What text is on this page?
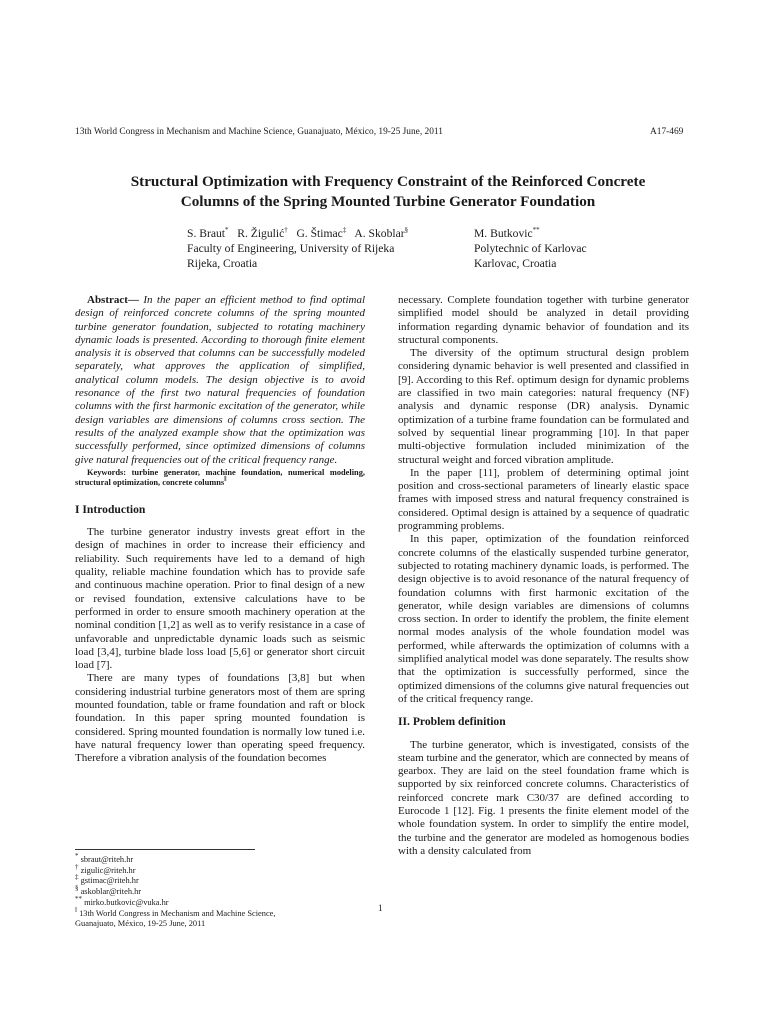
13th World Congress in Mechanism and Machine Science, Guanajuato, México, 19-25 June, 2011	A17-469
Structural Optimization with Frequency Constraint of the Reinforced Concrete
Columns of the Spring Mounted Turbine Generator Foundation
S. Braut* R. Žigulić† G. Štimac‡ A. Skoblar§
Faculty of Engineering, University of Rijeka
Rijeka, Croatia
M. Butkovic**
Polytechnic of Karlovac
Karlovac, Croatia

Abstract— In the paper an efficient method to find optimal design of reinforced concrete columns of the spring mounted turbine generator foundation, subjected to rotating machinery dynamic loads is presented. According to thorough finite element analysis it is observed that columns can be successfully modeled separately, what approves the application of simplified, analytical column models. The design objective is to avoid resonance of the first two natural frequencies of foundation columns with the first harmonic excitation of the generator, while design variables are dimensions of columns cross section. The results of the analyzed example show that the optimization was successfully performed, since optimized dimensions of columns give natural frequencies out of the critical frequency range.

Keywords: turbine generator, machine foundation, numerical modeling, structural optimization, concrete columns‖

I Introduction

The turbine generator industry invests great effort in the design of machines in order to increase their efficiency and reliability. Such requirements have led to a demand of high quality, reliable machine foundation which has to provide safe and continuous machine operation. Prior to final design of a new or revised foundation, extensive calculations have to be performed in order to ensure smooth machinery operation at the nominal condition [1,2] as well as to verify resistance in a case of unfavorable and unpredictable dynamic loads such as seismic load [3,4], turbine blade loss load [5,6] or generator short circuit load [7].

There are many types of foundations [3,8] but when considering industrial turbine generators most of them are spring mounted foundation, table or frame foundation and raft or block foundation. In this paper spring mounted foundation is considered. Spring mounted foundation is normally low tuned i.e. have natural frequency lower than operating speed frequency. Therefore a vibration analysis of the foundation becomes

necessary. Complete foundation together with turbine generator simplified model should be analyzed in detail providing information regarding dynamic behavior of foundation and its structural components.

The diversity of the optimum structural design problem considering dynamic behavior is well presented and classified in [9]. According to this Ref. optimum design for dynamic problems are classified in two main categories: natural frequency (NF) analysis and dynamic response (DR) analysis. Dynamic optimization of a turbine frame foundation can be formulated and solved by sequential linear programming [10]. In that paper multi-objective formulation included minimization of the structural weight and forced vibration amplitude.

In the paper [11], problem of determining optimal joint position and cross-sectional parameters of linearly elastic space frames with imposed stress and natural frequency constrained is considered. Optimal design is attained by a sequence of quadratic programming problems.

In this paper, optimization of the foundation reinforced concrete columns of the elastically suspended turbine generator, subjected to rotating machinery dynamic loads, is performed. The design objective is to avoid resonance of the natural frequency of foundation columns with first harmonic excitation of the generator, while design variables are dimensions of columns cross section. In order to identify the problem, the finite element normal modes analysis of the whole foundation model was performed, while afterwards the optimization of columns with a simplified analytical model was done separately. The results show that the optimization is successfully performed, since the optimized dimensions of the columns give natural frequencies out of the critical frequency range.

II. Problem definition

The turbine generator, which is investigated, consists of the steam turbine and the generator, which are connected by means of gearbox. They are laid on the steel foundation frame which is supported by six reinforced concrete columns. Characteristics of reinforced concrete mark C30/37 are defined according to Eurocode 1 [12]. Fig. 1 presents the finite element model of the whole foundation system. In order to simplify the entire model, the turbine and the generator are modeled as homogenous bodies with a density calculated from

* sbraut@riteh.hr
† zigulic@riteh.hr
‡ gstimac@riteh.hr
§ askoblar@riteh.hr
** mirko.butkovic@vuka.hr
‖ 13th World Congress in Mechanism and Machine Science,
Guanajuato, México, 19-25 June, 2011
1
